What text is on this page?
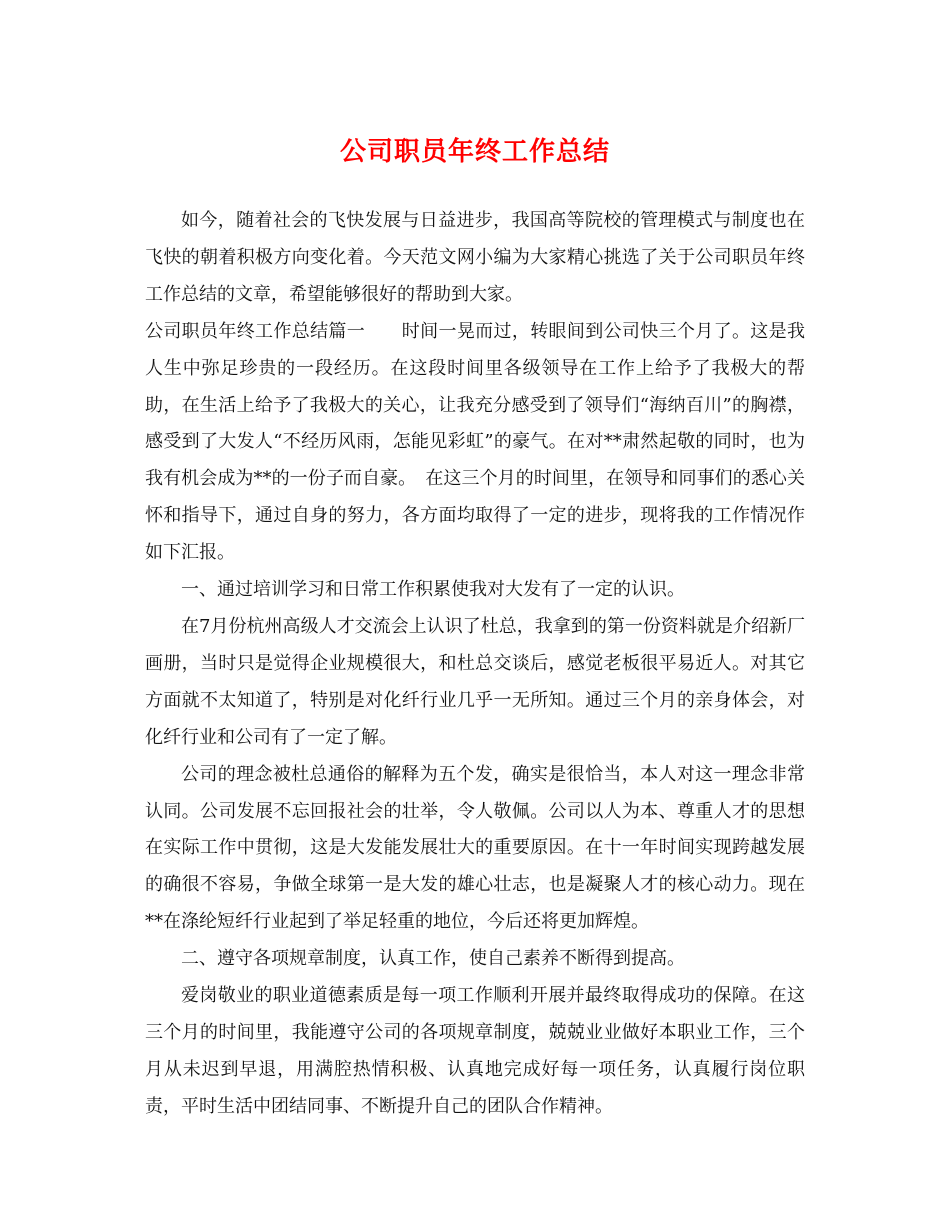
公司职员年终工作总结

如今，随着社会的飞快发展与日益进步，我国高等院校的管理模式与制度也在飞快的朝着积极方向变化着。今天范文网小编为大家精心挑选了关于公司职员年终工作总结的文章，希望能够很好的帮助到大家。

公司职员年终工作总结篇一　　时间一晃而过，转眼间到公司快三个月了。这是我人生中弥足珍贵的一段经历。在这段时间里各级领导在工作上给予了我极大的帮助，在生活上给予了我极大的关心，让我充分感受到了领导们“海纳百川”的胸襟，感受到了大发人“不经历风雨，怎能见彩虹”的豪气。在对**肃然起敬的同时，也为我有机会成为**的一份子而自豪。　在这三个月的时间里，在领导和同事们的悉心关怀和指导下，通过自身的努力，各方面均取得了一定的进步，现将我的工作情况作如下汇报。

一、通过培训学习和日常工作积累使我对大发有了一定的认识。

在7月份杭州高级人才交流会上认识了杜总，我拿到的第一份资料就是介绍新厂画册，当时只是觉得企业规模很大，和杜总交谈后，感觉老板很平易近人。对其它方面就不太知道了，特别是对化纤行业几乎一无所知。通过三个月的亲身体会，对化纤行业和公司有了一定了解。

公司的理念被杜总通俗的解释为五个发，确实是很恰当，本人对这一理念非常认同。公司发展不忘回报社会的壮举，令人敬佩。公司以人为本、尊重人才的思想在实际工作中贯彻，这是大发能发展壮大的重要原因。在十一年时间实现跨越发展的确很不容易，争做全球第一是大发的雄心壮志，也是凝聚人才的核心动力。现在**在涤纶短纤行业起到了举足轻重的地位，今后还将更加辉煌。

二、遵守各项规章制度，认真工作，使自己素养不断得到提高。

爱岗敬业的职业道德素质是每一项工作顺利开展并最终取得成功的保障。在这三个月的时间里，我能遵守公司的各项规章制度，兢兢业业做好本职业工作，三个月从未迟到早退，用满腔热情积极、认真地完成好每一项任务，认真履行岗位职责，平时生活中团结同事、不断提升自己的团队合作精神。
